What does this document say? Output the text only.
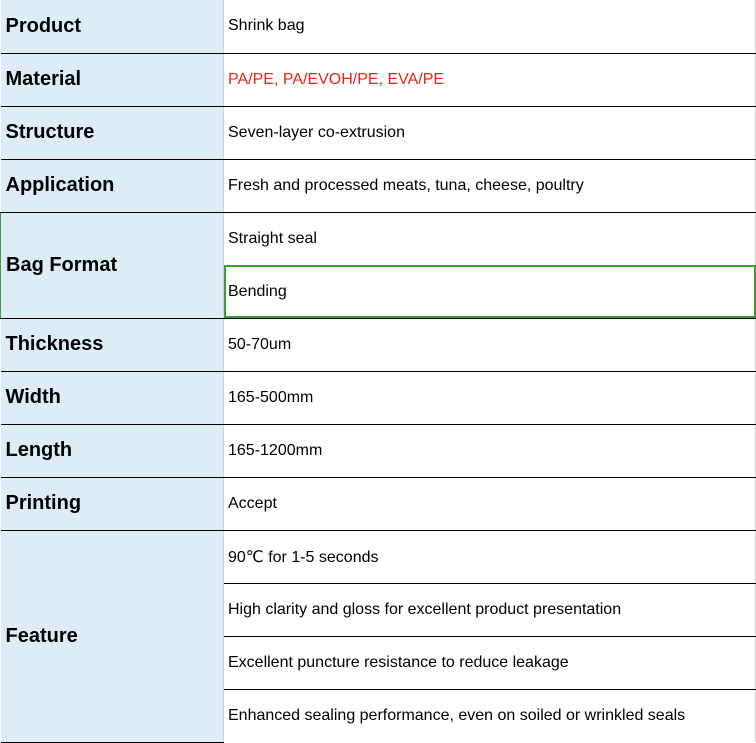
Product	Shrink bag
Material	PA/PE, PA/EVOH/PE, EVA/PE
Structure	Seven-layer co-extrusion
Application	Fresh and processed meats, tuna, cheese, poultry
Bag Format	Straight seal
	Bending
Thickness	50-70um
Width	165-500mm
Length	165-1200mm
Printing	Accept
Feature	90℃ for 1-5 seconds
	High clarity and gloss for excellent product presentation
	Excellent puncture resistance to reduce leakage
	Enhanced sealing performance, even on soiled or wrinkled seals
